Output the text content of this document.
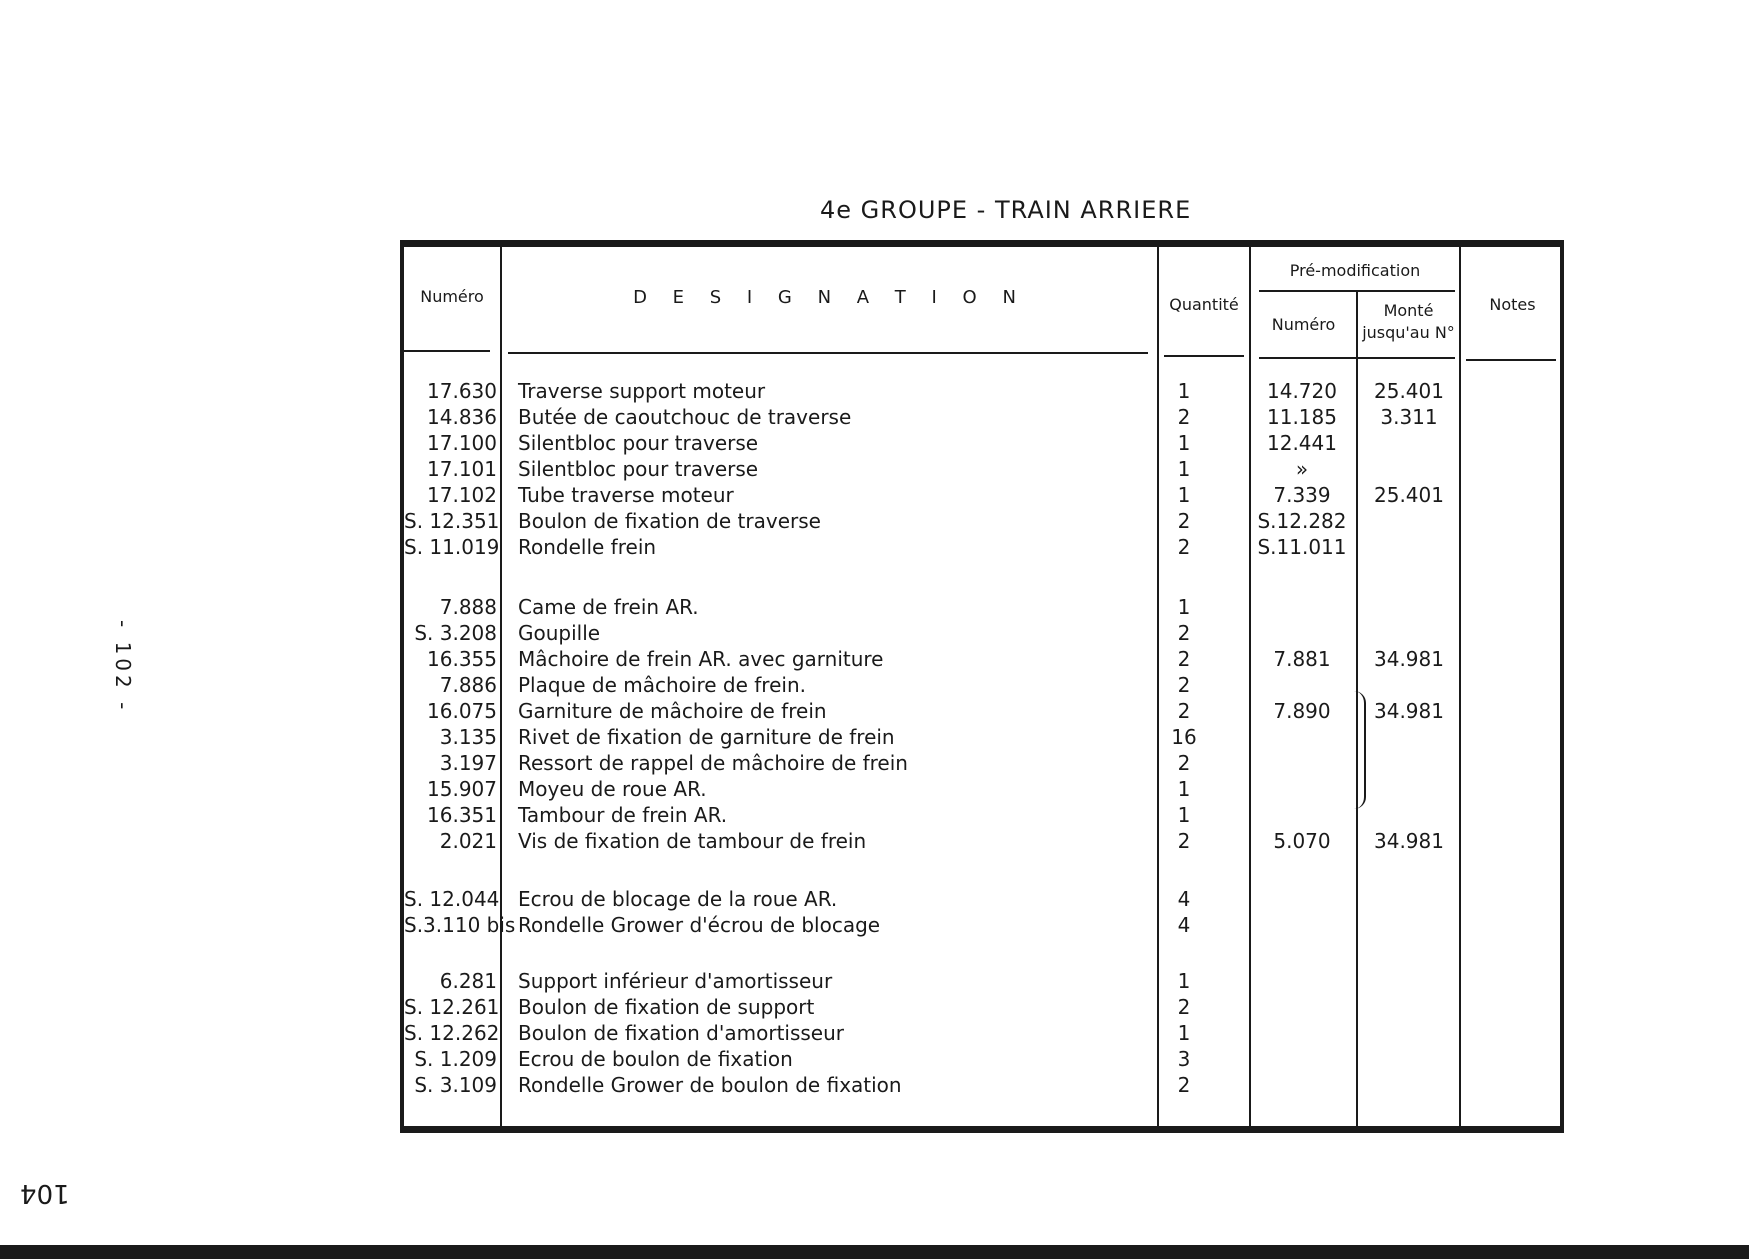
- 102 -
4e GROUPE - TRAIN ARRIERE
Numéro	D E S I G N A T I O N	Quantité
Pré-modification
Numéro
Monté
jusqu'au N°
Notes
17.630 Traverse support moteur	1	14.720	25.401
14.836 Butée de caoutchouc de traverse	2	11.185	3.311
17.100 Silentbloc pour traverse	1	12.441
17.101 Silentbloc pour traverse	1	»
17.102 Tube traverse moteur	1	7.339	25.401
S. 12.351 Boulon de fixation de traverse	2	S.12.282
S. 11.019 Rondelle frein	2	S.11.011
7.888 Came de frein AR.	1
S. 3.208 Goupille	2
16.355 Mâchoire de frein AR. avec garniture	2	7.881	34.981
7.886 Plaque de mâchoire de frein.	2
16.075 Garniture de mâchoire de frein	2	7.890	34.981
3.135 Rivet de fixation de garniture de frein	16
3.197 Ressort de rappel de mâchoire de frein	2
15.907 Moyeu de roue AR.	1
16.351 Tambour de frein AR.	1
2.021 Vis de fixation de tambour de frein	2	5.070	34.981
S. 12.044 Ecrou de blocage de la roue AR.	4
S.3.110 bis Rondelle Grower d'écrou de blocage	4
6.281 Support inférieur d'amortisseur	1
S. 12.261 Boulon de fixation de support	2
S. 12.262 Boulon de fixation d'amortisseur	1
S. 1.209 Ecrou de boulon de fixation	3
S. 3.109 Rondelle Grower de boulon de fixation	2
104
